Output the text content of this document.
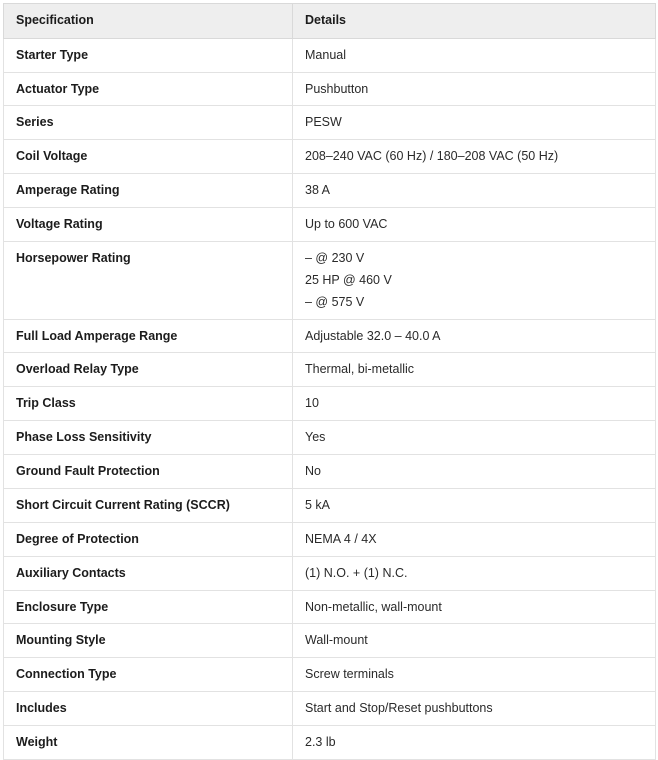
Specification	Details
Starter Type	Manual
Actuator Type	Pushbutton
Series	PESW
Coil Voltage	208–240 VAC (60 Hz) / 180–208 VAC (50 Hz)
Amperage Rating	38 A
Voltage Rating	Up to 600 VAC
Horsepower Rating	– @ 230 V
25 HP @ 460 V
– @ 575 V

Full Load Amperage Range	Adjustable 32.0 – 40.0 A
Overload Relay Type	Thermal, bi-metallic
Trip Class	10
Phase Loss Sensitivity	Yes
Ground Fault Protection	No
Short Circuit Current Rating (SCCR)	5 kA
Degree of Protection	NEMA 4 / 4X
Auxiliary Contacts	(1) N.O. + (1) N.C.
Enclosure Type	Non-metallic, wall-mount
Mounting Style	Wall-mount
Connection Type	Screw terminals
Includes	Start and Stop/Reset pushbuttons
Weight	2.3 lb
